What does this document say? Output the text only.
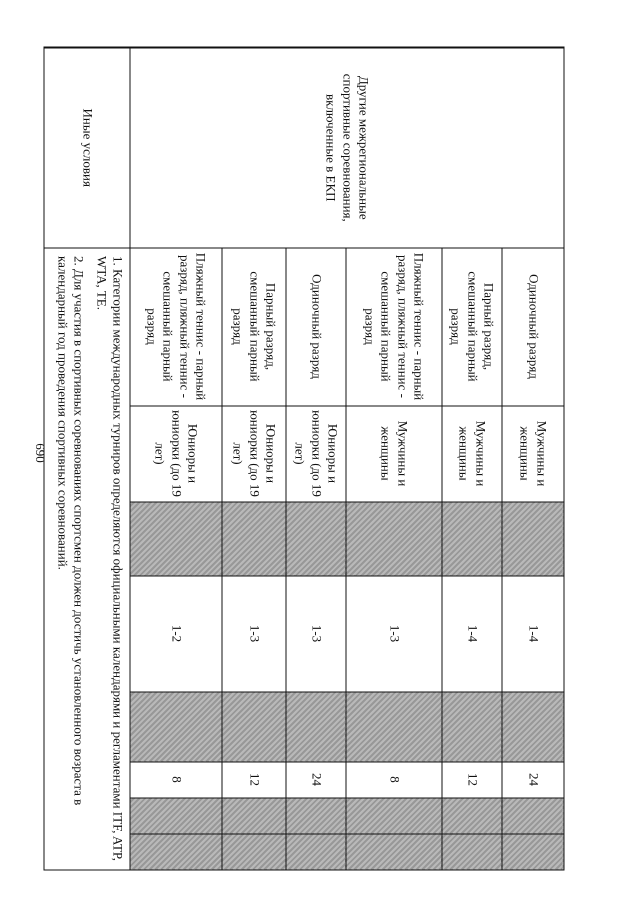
690
Другие межрегиональные спортивные соревнования, включенные в ЕКП	Одиночный разряд	Мужчины и женщины		1-4		24		
	Парный разряд, смешанный парный разряд	Мужчины и женщины		1-4		12		
	Пляжный теннис - парный разряд, пляжный теннис - смешанный парный разряд	Мужчины и женщины		1-3		8		
	Одиночный разряд	Юниоры и юниорки (до 19 лет)		1-3		24		
	Парный разряд, смешанный парный разряд	Юниоры и юниорки (до 19 лет)		1-3		12		
	Пляжный теннис - парный разряд, пляжный теннис - смешанный парный разряд	Юниоры и юниорки (до 19 лет)		1-2		8		
Иные условия	1. Категории международных турниров определяются официальными календарями и регламентами ITF, ATP, WTA, TE.
2. Для участия в спортивных соревнованиях спортсмен должен достичь установленного возраста в календарный год проведения спортивных соревнований.							
